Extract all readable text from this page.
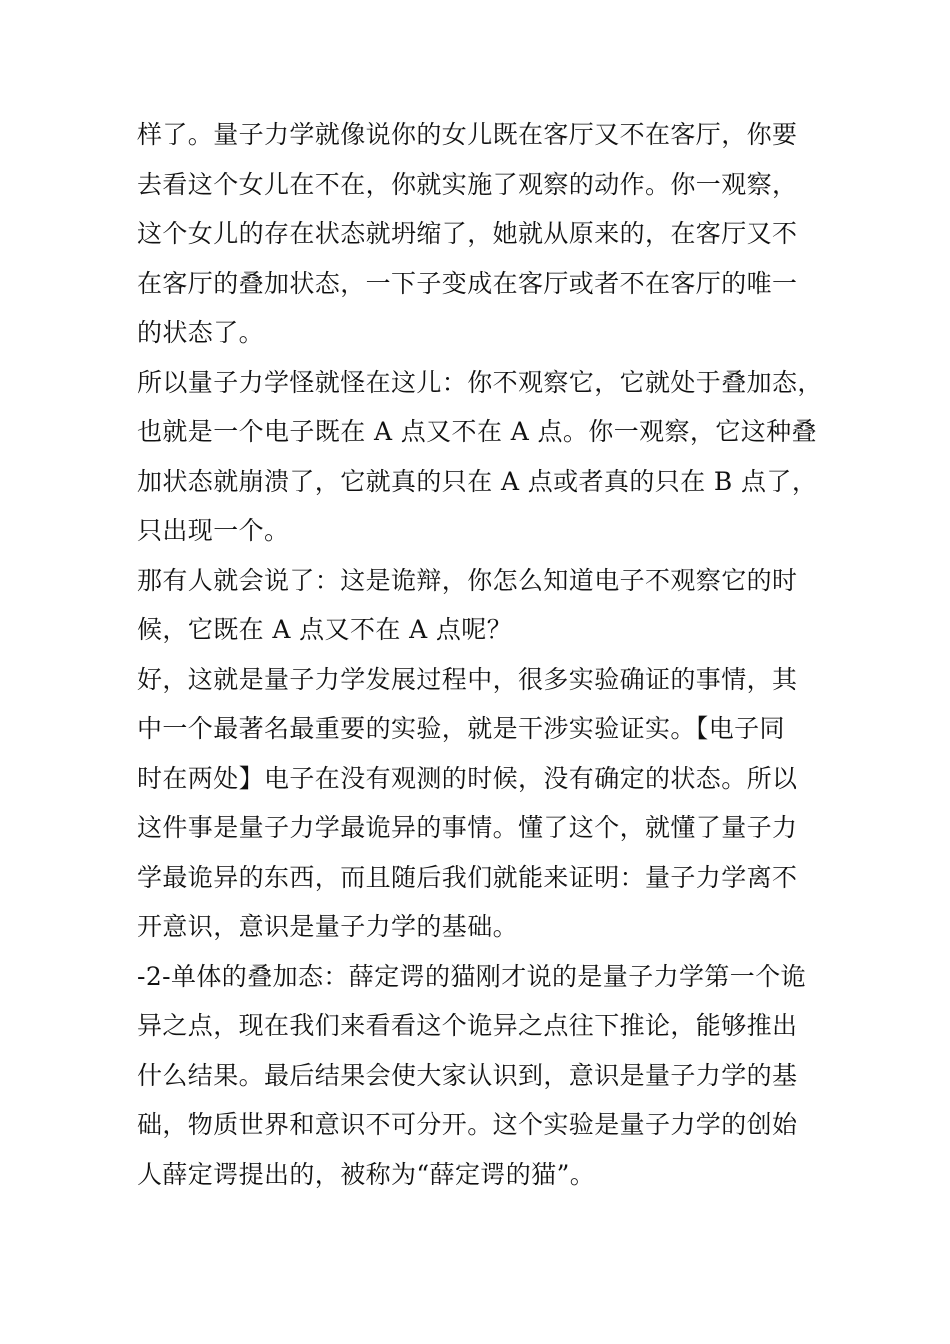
样了。量子力学就像说你的女儿既在客厅又不在客厅，你要
去看这个女儿在不在，你就实施了观察的动作。你一观察，
这个女儿的存在状态就坍缩了，她就从原来的，在客厅又不
在客厅的叠加状态，一下子变成在客厅或者不在客厅的唯一
的状态了。
所以量子力学怪就怪在这儿：你不观察它，它就处于叠加态，
也就是一个电子既在 A 点又不在 A 点。你一观察，它这种叠
加状态就崩溃了，它就真的只在 A 点或者真的只在 B 点了，
只出现一个。
那有人就会说了：这是诡辩，你怎么知道电子不观察它的时
候，它既在 A 点又不在 A 点呢？
好，这就是量子力学发展过程中，很多实验确证的事情，其
中一个最著名最重要的实验，就是干涉实验证实。【电子同
时在两处】电子在没有观测的时候，没有确定的状态。所以
这件事是量子力学最诡异的事情。懂了这个，就懂了量子力
学最诡异的东西，而且随后我们就能来证明：量子力学离不
开意识，意识是量子力学的基础。
-2-单体的叠加态：薛定谔的猫刚才说的是量子力学第一个诡
异之点，现在我们来看看这个诡异之点往下推论，能够推出
什么结果。最后结果会使大家认识到，意识是量子力学的基
础，物质世界和意识不可分开。这个实验是量子力学的创始
人薛定谔提出的，被称为“薛定谔的猫”。
